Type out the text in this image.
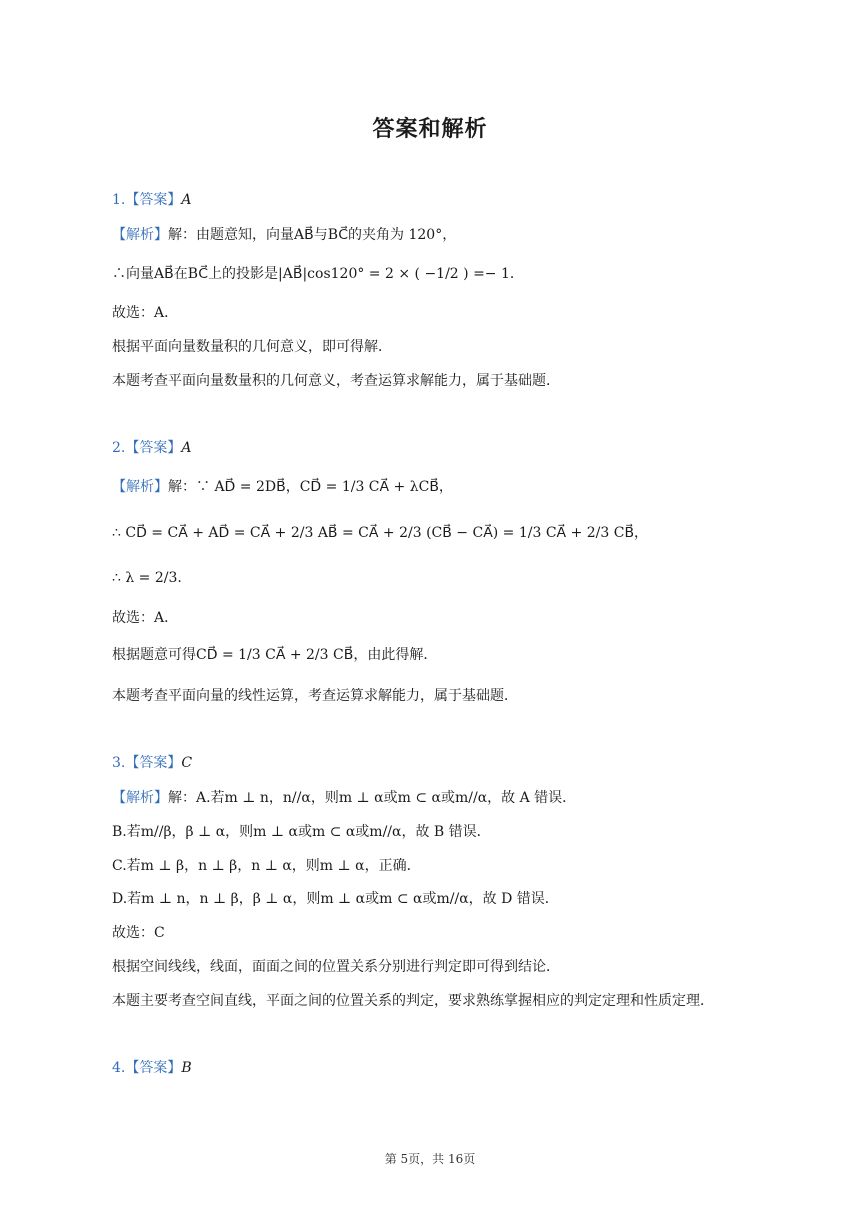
答案和解析
1.【答案】A
【解析】解：由题意知，向量AB⃗与BC⃗的夹角为 120°，
∴向量AB⃗在BC⃗上的投影是|AB⃗|cos120° = 2 × ( −1/2 ) =− 1．
故选：A．
根据平面向量数量积的几何意义，即可得解．
本题考查平面向量数量积的几何意义，考查运算求解能力，属于基础题．
2.【答案】A
【解析】解：∵ AD⃗ = 2DB⃗，CD⃗ = 1/3 CA⃗ + λCB⃗，
∴ CD⃗ = CA⃗ + AD⃗ = CA⃗ + 2/3 AB⃗ = CA⃗ + 2/3 (CB⃗ − CA⃗) = 1/3 CA⃗ + 2/3 CB⃗，
∴ λ = 2/3.
故选：A．
根据题意可得CD⃗ = 1/3 CA⃗ + 2/3 CB⃗，由此得解．
本题考查平面向量的线性运算，考查运算求解能力，属于基础题．
3.【答案】C
【解析】解：A.若m ⊥ n，n//α，则m ⊥ α或m ⊂ α或m//α，故 A 错误．
B.若m//β，β ⊥ α，则m ⊥ α或m ⊂ α或m//α，故 B 错误．
C.若m ⊥ β，n ⊥ β，n ⊥ α，则m ⊥ α，正确．
D.若m ⊥ n，n ⊥ β，β ⊥ α，则m ⊥ α或m ⊂ α或m//α，故 D 错误．
故选：C
根据空间线线，线面，面面之间的位置关系分别进行判定即可得到结论．
本题主要考查空间直线，平面之间的位置关系的判定，要求熟练掌握相应的判定定理和性质定理．
4.【答案】B
第 5页，共 16页
